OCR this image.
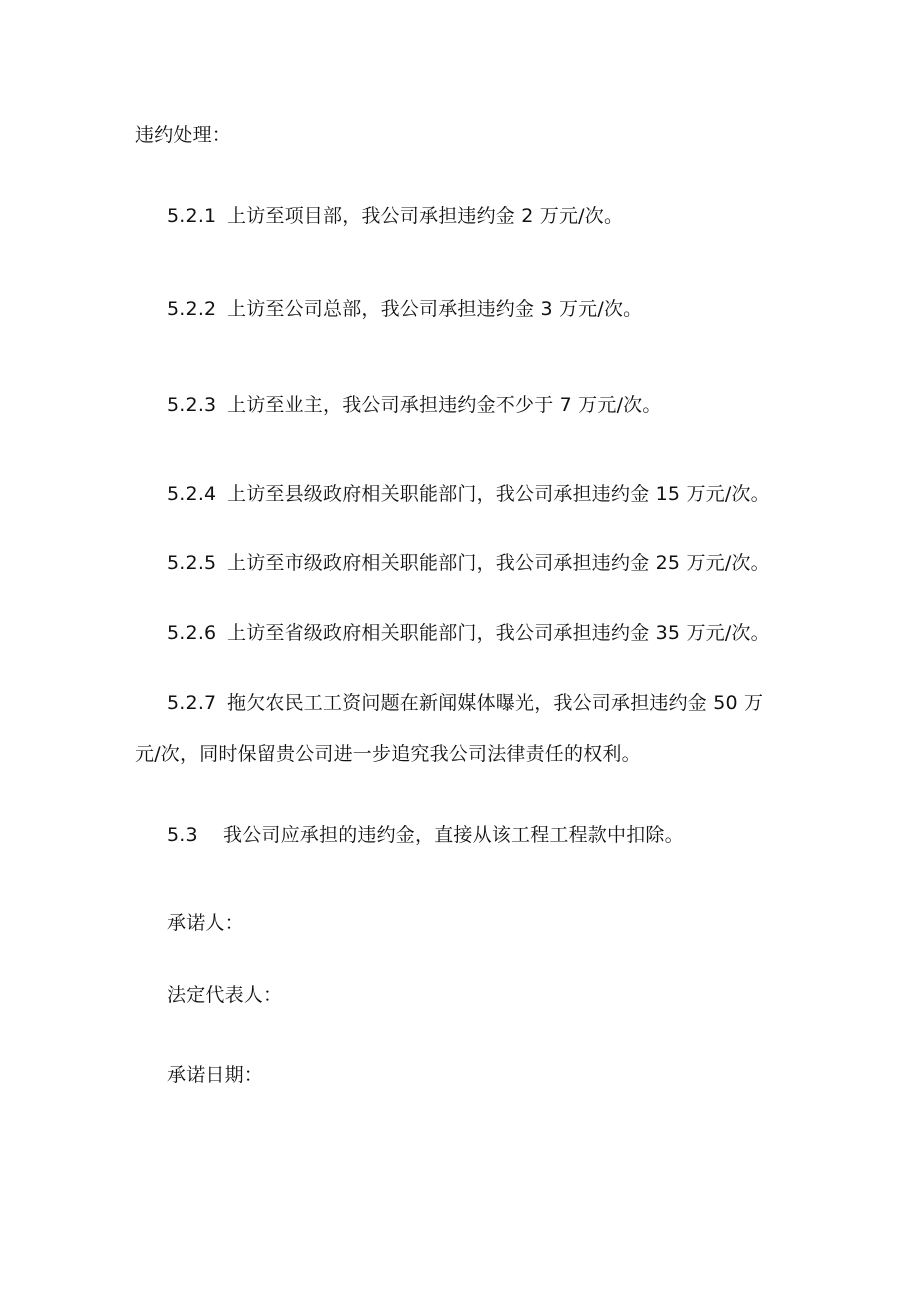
违约处理：
5.2.1 上访至项目部，我公司承担违约金 2 万元/次。
5.2.2 上访至公司总部，我公司承担违约金 3 万元/次。
5.2.3 上访至业主，我公司承担违约金不少于 7 万元/次。
5.2.4 上访至县级政府相关职能部门，我公司承担违约金 15 万元/次。
5.2.5 上访至市级政府相关职能部门，我公司承担违约金 25 万元/次。
5.2.6 上访至省级政府相关职能部门，我公司承担违约金 35 万元/次。
5.2.7 拖欠农民工工资问题在新闻媒体曝光，我公司承担违约金 50 万
元/次，同时保留贵公司进一步追究我公司法律责任的权利。
5.3 我公司应承担的违约金，直接从该工程工程款中扣除。
承诺人：
法定代表人：
承诺日期：
